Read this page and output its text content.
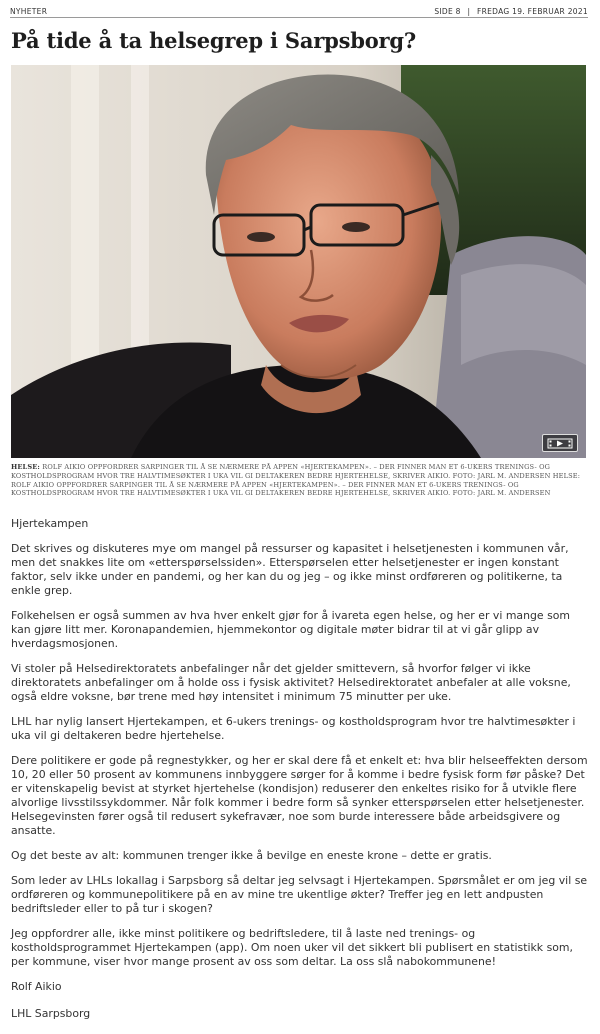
NYHETER	SIDE 8 | FREDAG 19. FEBRUAR 2021
På tide å ta helsegrep i Sarpsborg?
HELSE: ROLF AIKIO OPPFORDRER SARPINGER TIL Å SE NÆRMERE PÅ APPEN «HJERTEKAMPEN». – DER FINNER MAN ET 6-UKERS TRENINGS- OG KOSTHOLDSPROGRAM HVOR TRE HALVTIMESØKTER I UKA VIL GI DELTAKEREN BEDRE HJERTEHELSE, SKRIVER AIKIO. FOTO: JARL M. ANDERSEN HELSE: ROLF AIKIO OPPFORDRER SARPINGER TIL Å SE NÆRMERE PÅ APPEN «HJERTEKAMPEN». – DER FINNER MAN ET 6-UKERS TRENINGS- OG KOSTHOLDSPROGRAM HVOR TRE HALVTIMESØKTER I UKA VIL GI DELTAKEREN BEDRE HJERTEHELSE, SKRIVER AIKIO. FOTO: JARL M. ANDERSEN

Hjertekampen

Det skrives og diskuteres mye om mangel på ressurser og kapasitet i helsetjenesten i kommunen vår, men det snakkes lite om «etterspørselssiden». Etterspørselen etter helsetjenester er ingen konstant faktor, selv ikke under en pandemi, og her kan du og jeg – og ikke minst ordføreren og politikerne, ta enkle grep.

Folkehelsen er også summen av hva hver enkelt gjør for å ivareta egen helse, og her er vi mange som kan gjøre litt mer. Koronapandemien, hjemmekontor og digitale møter bidrar til at vi går glipp av hverdagsmosjonen.

Vi stoler på Helsedirektoratets anbefalinger når det gjelder smittevern, så hvorfor følger vi ikke direktoratets anbefalinger om å holde oss i fysisk aktivitet? Helsedirektoratet anbefaler at alle voksne, også eldre voksne, bør trene med høy intensitet i minimum 75 minutter per uke.

LHL har nylig lansert Hjertekampen, et 6-ukers trenings- og kostholdsprogram hvor tre halvtimesøkter i uka vil gi deltakeren bedre hjertehelse.

Dere politikere er gode på regnestykker, og her er skal dere få et enkelt et: hva blir helseeffekten dersom 10, 20 eller 50 prosent av kommunens innbyggere sørger for å komme i bedre fysisk form før påske? Det er vitenskapelig bevist at styrket hjertehelse (kondisjon) reduserer den enkeltes risiko for å utvikle flere alvorlige livsstilssykdommer. Når folk kommer i bedre form så synker etterspørselen etter helsetjenester. Helsegevinsten fører også til redusert sykefravær, noe som burde interessere både arbeidsgivere og ansatte.

Og det beste av alt: kommunen trenger ikke å bevilge en eneste krone – dette er gratis.

Som leder av LHLs lokallag i Sarpsborg så deltar jeg selvsagt i Hjertekampen. Spørsmålet er om jeg vil se ordføreren og kommunepolitikere på en av mine tre ukentlige økter? Treffer jeg en lett andpusten bedriftsleder eller to på tur i skogen?

Jeg oppfordrer alle, ikke minst politikere og bedriftsledere, til å laste ned trenings- og kostholdsprogrammet Hjertekampen (app). Om noen uker vil det sikkert bli publisert en statistikk som, per kommune, viser hvor mange prosent av oss som deltar. La oss slå nabokommunene!

Rolf Aikio

LHL Sarpsborg
